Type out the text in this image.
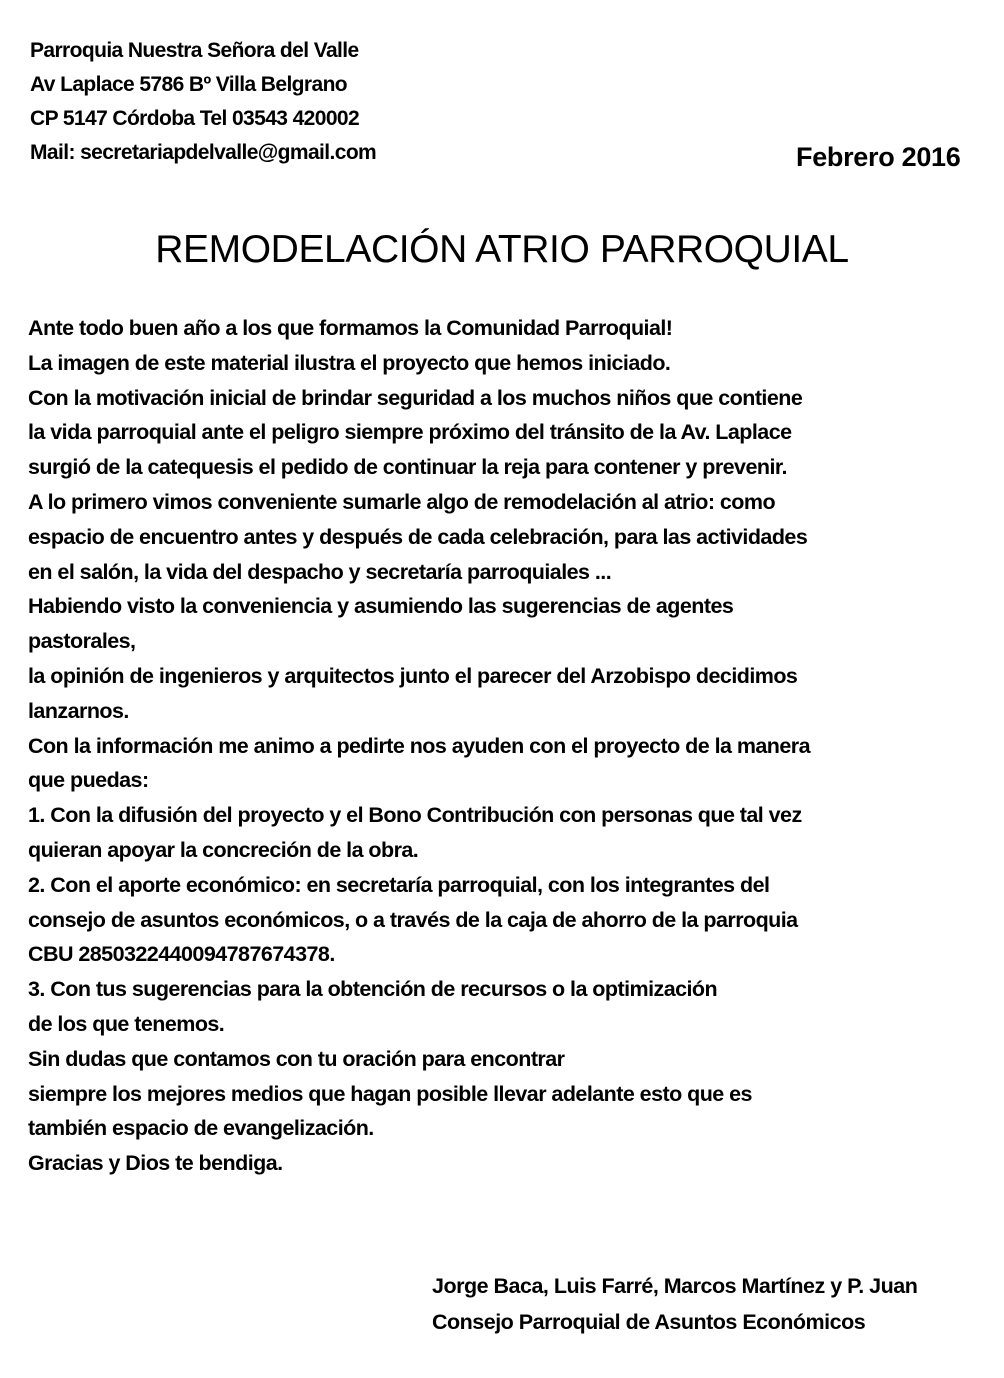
Parroquia Nuestra Señora del Valle
Av Laplace 5786 Bº Villa Belgrano
CP 5147 Córdoba Tel 03543 420002
Mail: secretariapdelvalle@gmail.com	Febrero 2016
REMODELACIÓN ATRIO PARROQUIAL
Ante todo buen año a los que formamos la Comunidad Parroquial!
La imagen de este material ilustra el proyecto que hemos iniciado.
Con la motivación inicial de brindar seguridad a los muchos niños que contiene
la vida parroquial ante el peligro siempre próximo del tránsito de la Av. Laplace
surgió de la catequesis el pedido de continuar la reja para contener y prevenir.
A lo primero vimos conveniente sumarle algo de remodelación al atrio: como
espacio de encuentro antes y después de cada celebración, para las actividades
en el salón, la vida del despacho y secretaría parroquiales ...
Habiendo visto la conveniencia y asumiendo las sugerencias de agentes
pastorales,
la opinión de ingenieros y arquitectos junto el parecer del Arzobispo decidimos
lanzarnos.
Con la información me animo a pedirte nos ayuden con el proyecto de la manera
que puedas:
1. Con la difusión del proyecto y el Bono Contribución con personas que tal vez
quieran apoyar la concreción de la obra.
2. Con el aporte económico: en secretaría parroquial, con los integrantes del
consejo de asuntos económicos, o a través de la caja de ahorro de la parroquia
CBU 2850322440094787674378.
3. Con tus sugerencias para la obtención de recursos o la optimización
de los que tenemos.
Sin dudas que contamos con tu oración para encontrar
siempre los mejores medios que hagan posible llevar adelante esto que es
también espacio de evangelización.
Gracias y Dios te bendiga.
Jorge Baca, Luis Farré, Marcos Martínez y P. Juan
Consejo Parroquial de Asuntos Económicos
